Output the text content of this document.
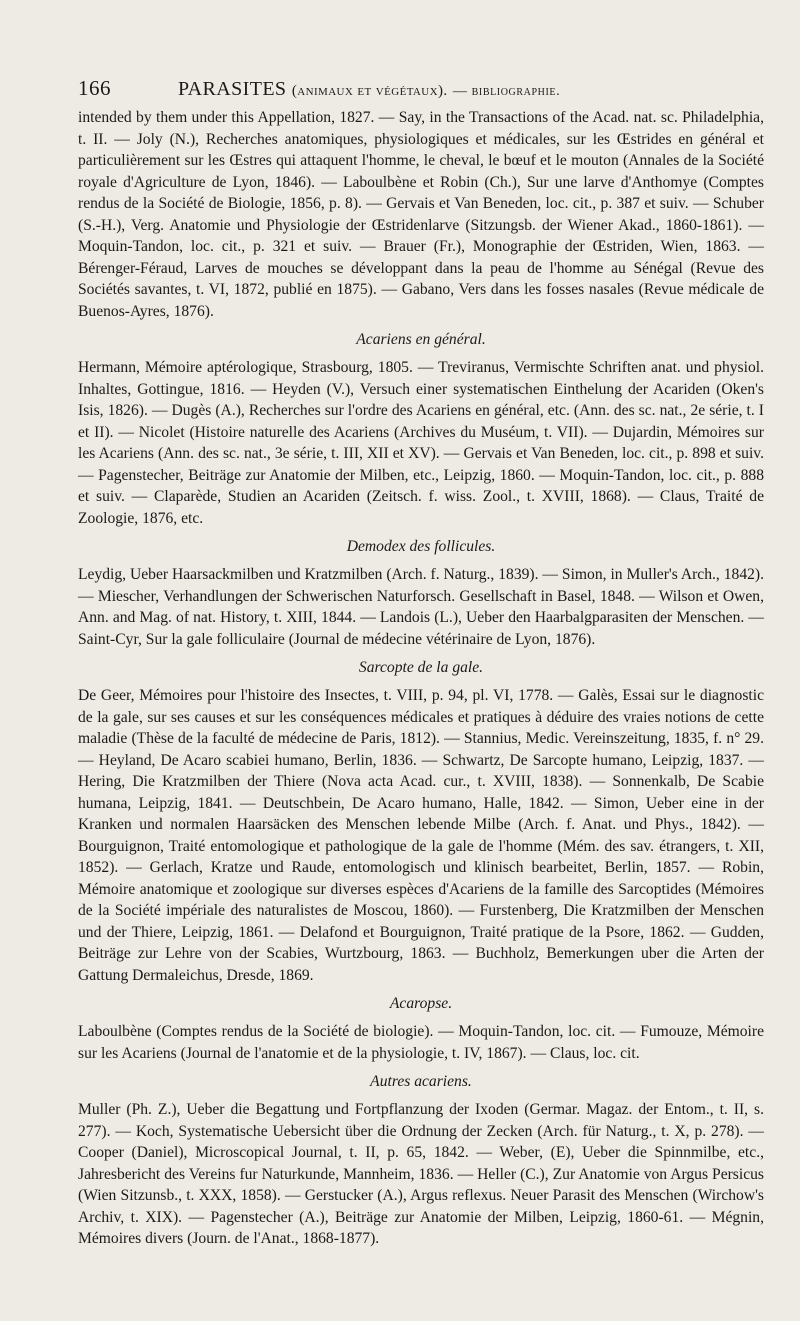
166	PARASITES (animaux et végétaux). — bibliographie.

intended by them under this Appellation, 1827. — Say, in the Transactions of the Acad. nat. sc. Philadelphia, t. II. — Joly (N.), Recherches anatomiques, physiologiques et médicales, sur les Œstrides en général et particulièrement sur les Œstres qui attaquent l'homme, le cheval, le bœuf et le mouton (Annales de la Société royale d'Agriculture de Lyon, 1846). — Laboulbène et Robin (Ch.), Sur une larve d'Anthomye (Comptes rendus de la Société de Biologie, 1856, p. 8). — Gervais et Van Beneden, loc. cit., p. 387 et suiv. — Schuber (S.-H.), Verg. Anatomie und Physiologie der Œstridenlarve (Sitzungsb. der Wiener Akad., 1860-1861). — Moquin-Tandon, loc. cit., p. 321 et suiv. — Brauer (Fr.), Monographie der Œstriden, Wien, 1863. — Bérenger-Féraud, Larves de mouches se développant dans la peau de l'homme au Sénégal (Revue des Sociétés savantes, t. VI, 1872, publié en 1875). — Gabano, Vers dans les fosses nasales (Revue médicale de Buenos-Ayres, 1876).

Acariens en général.

Hermann, Mémoire aptérologique, Strasbourg, 1805. — Treviranus, Vermischte Schriften anat. und physiol. Inhaltes, Gottingue, 1816. — Heyden (V.), Versuch einer systematischen Einthelung der Acariden (Oken's Isis, 1826). — Dugès (A.), Recherches sur l'ordre des Acariens en général, etc. (Ann. des sc. nat., 2e série, t. I et II). — Nicolet (Histoire naturelle des Acariens (Archives du Muséum, t. VII). — Dujardin, Mémoires sur les Acariens (Ann. des sc. nat., 3e série, t. III, XII et XV). — Gervais et Van Beneden, loc. cit., p. 898 et suiv. — Pagenstecher, Beiträge zur Anatomie der Milben, etc., Leipzig, 1860. — Moquin-Tandon, loc. cit., p. 888 et suiv. — Claparède, Studien an Acariden (Zeitsch. f. wiss. Zool., t. XVIII, 1868). — Claus, Traité de Zoologie, 1876, etc.

Demodex des follicules.

Leydig, Ueber Haarsackmilben und Kratzmilben (Arch. f. Naturg., 1839). — Simon, in Muller's Arch., 1842). — Miescher, Verhandlungen der Schwerischen Naturforsch. Gesellschaft in Basel, 1848. — Wilson et Owen, Ann. and Mag. of nat. History, t. XIII, 1844. — Landois (L.), Ueber den Haarbalgparasiten der Menschen. — Saint-Cyr, Sur la gale folliculaire (Journal de médecine vétérinaire de Lyon, 1876).

Sarcopte de la gale.

De Geer, Mémoires pour l'histoire des Insectes, t. VIII, p. 94, pl. VI, 1778. — Galès, Essai sur le diagnostic de la gale, sur ses causes et sur les conséquences médicales et pratiques à déduire des vraies notions de cette maladie (Thèse de la faculté de médecine de Paris, 1812). — Stannius, Medic. Vereinszeitung, 1835, f. n° 29. — Heyland, De Acaro scabiei humano, Berlin, 1836. — Schwartz, De Sarcopte humano, Leipzig, 1837. — Hering, Die Kratzmilben der Thiere (Nova acta Acad. cur., t. XVIII, 1838). — Sonnenkalb, De Scabie humana, Leipzig, 1841. — Deutschbein, De Acaro humano, Halle, 1842. — Simon, Ueber eine in der Kranken und normalen Haarsäcken des Menschen lebende Milbe (Arch. f. Anat. und Phys., 1842). — Bourguignon, Traité entomologique et pathologique de la gale de l'homme (Mém. des sav. étrangers, t. XII, 1852). — Gerlach, Kratze und Raude, entomologisch und klinisch bearbeitet, Berlin, 1857. — Robin, Mémoire anatomique et zoologique sur diverses espèces d'Acariens de la famille des Sarcoptides (Mémoires de la Société impériale des naturalistes de Moscou, 1860). — Furstenberg, Die Kratzmilben der Menschen und der Thiere, Leipzig, 1861. — Delafond et Bourguignon, Traité pratique de la Psore, 1862. — Gudden, Beiträge zur Lehre von der Scabies, Wurtzbourg, 1863. — Buchholz, Bemerkungen uber die Arten der Gattung Dermaleichus, Dresde, 1869.

Acaropse.

Laboulbène (Comptes rendus de la Société de biologie). — Moquin-Tandon, loc. cit. — Fumouze, Mémoire sur les Acariens (Journal de l'anatomie et de la physiologie, t. IV, 1867). — Claus, loc. cit.

Autres acariens.

Muller (Ph. Z.), Ueber die Begattung und Fortpflanzung der Ixoden (Germar. Magaz. der Entom., t. II, s. 277). — Koch, Systematische Uebersicht über die Ordnung der Zecken (Arch. für Naturg., t. X, p. 278). — Cooper (Daniel), Microscopical Journal, t. II, p. 65, 1842. — Weber, (E), Ueber die Spinnmilbe, etc., Jahresbericht des Vereins fur Naturkunde, Mannheim, 1836. — Heller (C.), Zur Anatomie von Argus Persicus (Wien Sitzunsb., t. XXX, 1858). — Gerstucker (A.), Argus reflexus. Neuer Parasit des Menschen (Wirchow's Archiv, t. XIX). — Pagenstecher (A.), Beiträge zur Anatomie der Milben, Leipzig, 1860-61. — Mégnin, Mémoires divers (Journ. de l'Anat., 1868-1877).
